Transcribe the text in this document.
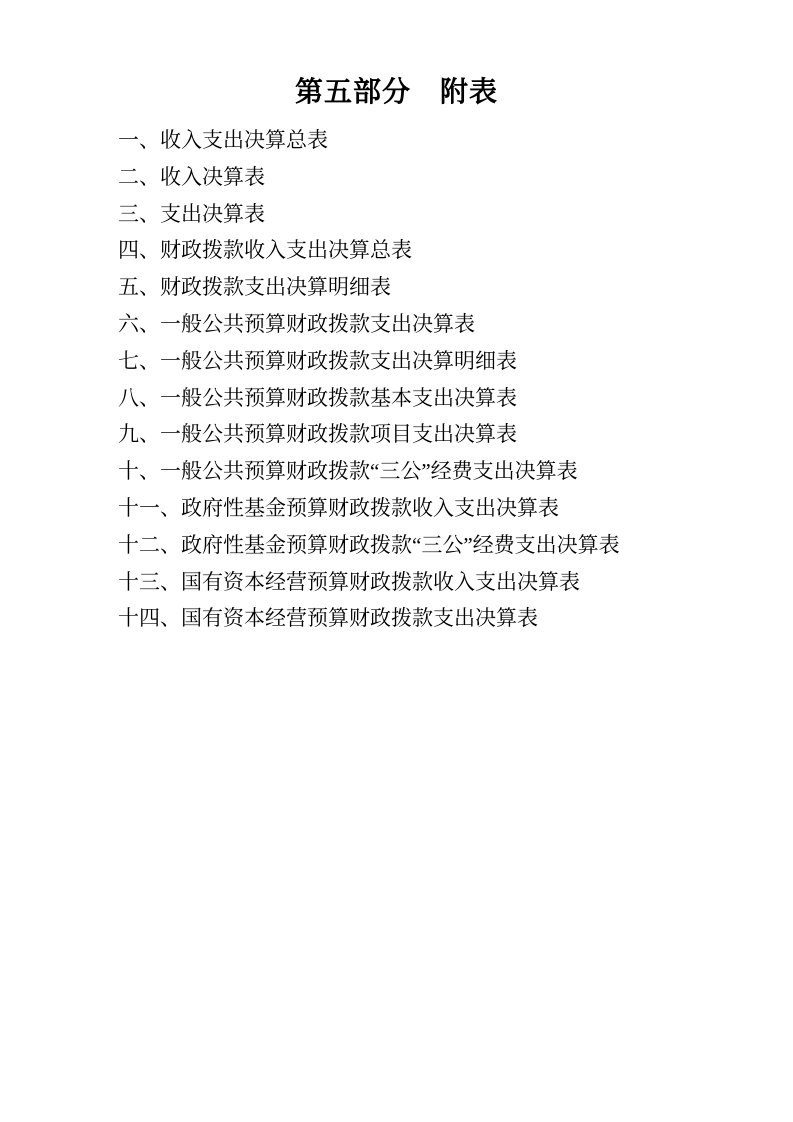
第五部分　附表
一、收入支出决算总表
二、收入决算表
三、支出决算表
四、财政拨款收入支出决算总表
五、财政拨款支出决算明细表
六、一般公共预算财政拨款支出决算表
七、一般公共预算财政拨款支出决算明细表
八、一般公共预算财政拨款基本支出决算表
九、一般公共预算财政拨款项目支出决算表
十、一般公共预算财政拨款“三公”经费支出决算表
十一、政府性基金预算财政拨款收入支出决算表
十二、政府性基金预算财政拨款“三公”经费支出决算表
十三、国有资本经营预算财政拨款收入支出决算表
十四、国有资本经营预算财政拨款支出决算表
